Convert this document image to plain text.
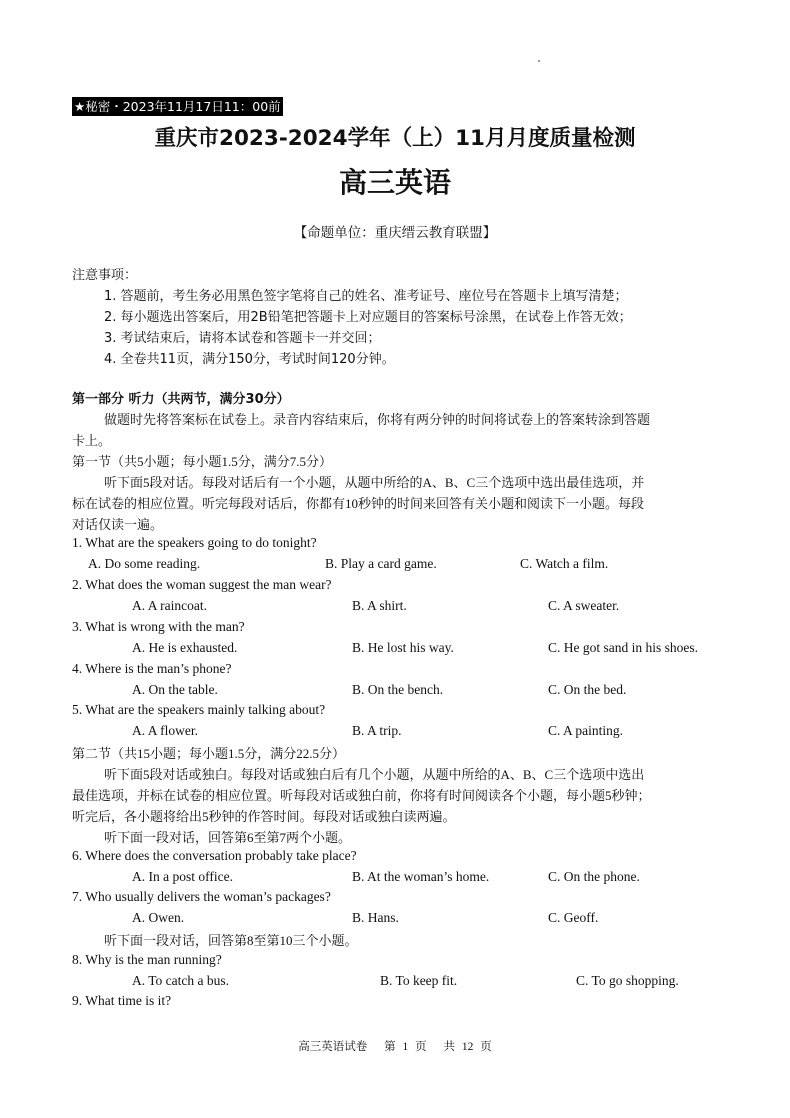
★秘密・2023年11月17日11：00前
重庆市2023-2024学年（上）11月月度质量检测
高三英语
【命题单位：重庆缙云教育联盟】
注意事项：
1. 答题前，考生务必用黑色签字笔将自己的姓名、准考证号、座位号在答题卡上填写清楚；
2. 每小题选出答案后，用2B铅笔把答题卡上对应题目的答案标号涂黑，在试卷上作答无效；
3. 考试结束后，请将本试卷和答题卡一并交回；
4. 全卷共11页，满分150分，考试时间120分钟。
第一部分 听力（共两节，满分30分）
做题时先将答案标在试卷上。录音内容结束后，你将有两分钟的时间将试卷上的答案转涂到答题
卡上。
第一节（共5小题；每小题1.5分，满分7.5分）
听下面5段对话。每段对话后有一个小题，从题中所给的A、B、C三个选项中选出最佳选项，并
标在试卷的相应位置。听完每段对话后，你都有10秒钟的时间来回答有关小题和阅读下一小题。每段
对话仅读一遍。
1. What are the speakers going to do tonight?
A. Do some reading.	B. Play a card game.	C. Watch a film.
2. What does the woman suggest the man wear?
A. A raincoat.	B. A shirt.	C. A sweater.
3. What is wrong with the man?
A. He is exhausted.	B. He lost his way.	C. He got sand in his shoes.
4. Where is the man’s phone?
A. On the table.	B. On the bench.	C. On the bed.
5. What are the speakers mainly talking about?
A. A flower.	B. A trip.	C. A painting.
第二节（共15小题；每小题1.5分，满分22.5分）
听下面5段对话或独白。每段对话或独白后有几个小题，从题中所给的A、B、C三个选项中选出
最佳选项，并标在试卷的相应位置。听每段对话或独白前，你将有时间阅读各个小题，每小题5秒钟；
听完后，各小题将给出5秒钟的作答时间。每段对话或独白读两遍。
听下面一段对话，回答第6至第7两个小题。
6. Where does the conversation probably take place?
A. In a post office.	B. At the woman’s home.	C. On the phone.
7. Who usually delivers the woman’s packages?
A. Owen.	B. Hans.	C. Geoff.
听下面一段对话，回答第8至第10三个小题。
8. Why is the man running?
A. To catch a bus.	B. To keep fit.	C. To go shopping.
9. What time is it?
高三英语试卷 第 1 页 共 12 页
